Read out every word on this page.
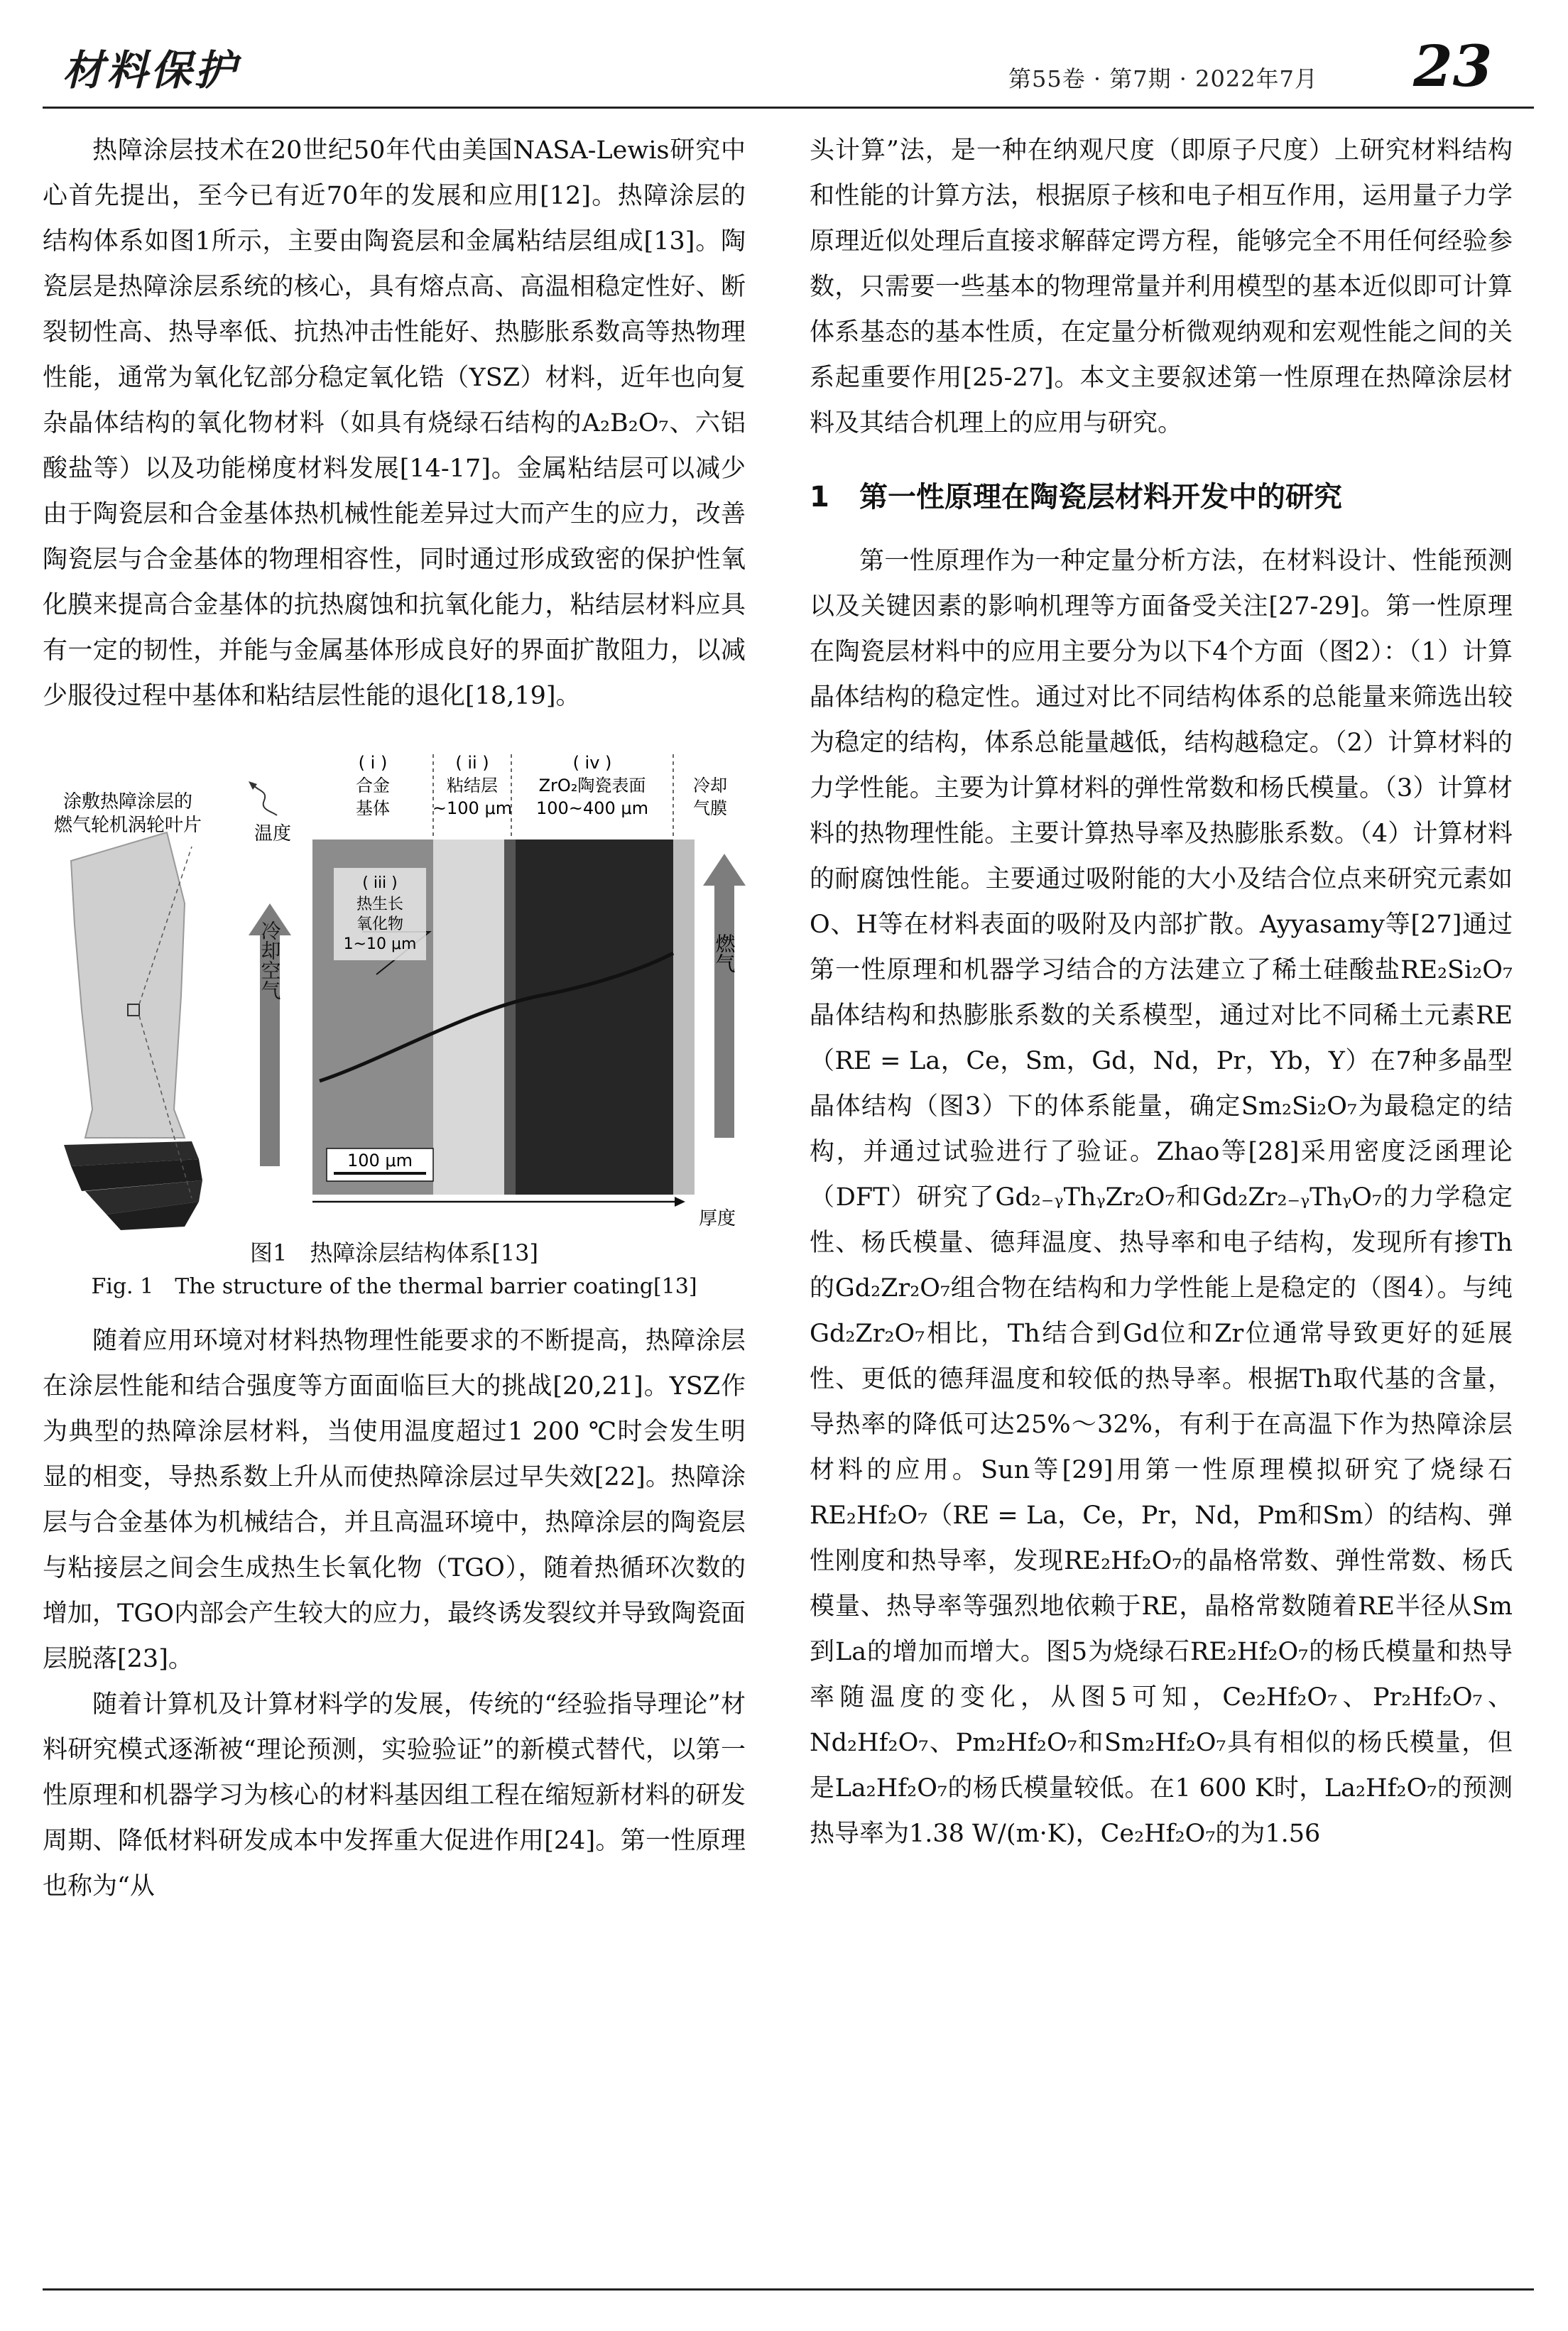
材料保护	第55卷 · 第7期 · 2022年7月 23

热障涂层技术在20世纪50年代由美国NASA-Lewis研究中心首先提出，至今已有近70年的发展和应用[12]。热障涂层的结构体系如图1所示，主要由陶瓷层和金属粘结层组成[13]。陶瓷层是热障涂层系统的核心，具有熔点高、高温相稳定性好、断裂韧性高、热导率低、抗热冲击性能好、热膨胀系数高等热物理性能，通常为氧化钇部分稳定氧化锆（YSZ）材料，近年也向复杂晶体结构的氧化物材料（如具有烧绿石结构的A₂B₂O₇、六铝酸盐等）以及功能梯度材料发展[14-17]。金属粘结层可以减少由于陶瓷层和合金基体热机械性能差异过大而产生的应力，改善陶瓷层与合金基体的物理相容性，同时通过形成致密的保护性氧化膜来提高合金基体的抗热腐蚀和抗氧化能力，粘结层材料应具有一定的韧性，并能与金属基体形成良好的界面扩散阻力，以减少服役过程中基体和粘结层性能的退化[18,19]。

涂敷热障涂层的
燃气轮机涡轮叶片	温度
冷却空气
( i )
合金
基体
( ii )
粘结层
~100 μm
( iv )
ZrO₂陶瓷表面
100~400 μm
冷却
气膜
( iii )
热生长
氧化物
1~10 μm	燃气
100 μm
厚度
图1　热障涂层结构体系[13]
Fig. 1　The structure of the thermal barrier coating[13]

随着应用环境对材料热物理性能要求的不断提高，热障涂层在涂层性能和结合强度等方面面临巨大的挑战[20,21]。YSZ作为典型的热障涂层材料，当使用温度超过1 200 ℃时会发生明显的相变，导热系数上升从而使热障涂层过早失效[22]。热障涂层与合金基体为机械结合，并且高温环境中，热障涂层的陶瓷层与粘接层之间会生成热生长氧化物（TGO），随着热循环次数的增加，TGO内部会产生较大的应力，最终诱发裂纹并导致陶瓷面层脱落[23]。

随着计算机及计算材料学的发展，传统的“经验指导理论”材料研究模式逐渐被“理论预测，实验验证”的新模式替代，以第一性原理和机器学习为核心的材料基因组工程在缩短新材料的研发周期、降低材料研发成本中发挥重大促进作用[24]。第一性原理也称为“从

头计算”法，是一种在纳观尺度（即原子尺度）上研究材料结构和性能的计算方法，根据原子核和电子相互作用，运用量子力学原理近似处理后直接求解薛定谔方程，能够完全不用任何经验参数，只需要一些基本的物理常量并利用模型的基本近似即可计算体系基态的基本性质，在定量分析微观纳观和宏观性能之间的关系起重要作用[25-27]。本文主要叙述第一性原理在热障涂层材料及其结合机理上的应用与研究。

1 第一性原理在陶瓷层材料开发中的研究

第一性原理作为一种定量分析方法，在材料设计、性能预测以及关键因素的影响机理等方面备受关注[27-29]。第一性原理在陶瓷层材料中的应用主要分为以下4个方面（图2）：（1）计算晶体结构的稳定性。通过对比不同结构体系的总能量来筛选出较为稳定的结构，体系总能量越低，结构越稳定。（2）计算材料的力学性能。主要为计算材料的弹性常数和杨氏模量。（3）计算材料的热物理性能。主要计算热导率及热膨胀系数。（4）计算材料的耐腐蚀性能。主要通过吸附能的大小及结合位点来研究元素如O、H等在材料表面的吸附及内部扩散。Ayyasamy等[27]通过第一性原理和机器学习结合的方法建立了稀土硅酸盐RE₂Si₂O₇晶体结构和热膨胀系数的关系模型，通过对比不同稀土元素RE（RE = La，Ce，Sm，Gd，Nd，Pr，Yb，Y）在7种多晶型晶体结构（图3）下的体系能量，确定Sm₂Si₂O₇为最稳定的结构，并通过试验进行了验证。Zhao等[28]采用密度泛函理论（DFT）研究了Gd₂₋ᵧThᵧZr₂O₇和Gd₂Zr₂₋ᵧThᵧO₇的力学稳定性、杨氏模量、德拜温度、热导率和电子结构，发现所有掺Th的Gd₂Zr₂O₇组合物在结构和力学性能上是稳定的（图4）。与纯Gd₂Zr₂O₇相比，Th结合到Gd位和Zr位通常导致更好的延展性、更低的德拜温度和较低的热导率。根据Th取代基的含量，导热率的降低可达25%～32%，有利于在高温下作为热障涂层材料的应用。Sun等[29]用第一性原理模拟研究了烧绿石RE₂Hf₂O₇（RE = La，Ce，Pr，Nd，Pm和Sm）的结构、弹性刚度和热导率，发现RE₂Hf₂O₇的晶格常数、弹性常数、杨氏模量、热导率等强烈地依赖于RE，晶格常数随着RE半径从Sm到La的增加而增大。图5为烧绿石RE₂Hf₂O₇的杨氏模量和热导率随温度的变化，从图5可知，Ce₂Hf₂O₇、Pr₂Hf₂O₇、Nd₂Hf₂O₇、Pm₂Hf₂O₇和Sm₂Hf₂O₇具有相似的杨氏模量，但是La₂Hf₂O₇的杨氏模量较低。在1 600 K时，La₂Hf₂O₇的预测热导率为1.38 W/(m·K)，Ce₂Hf₂O₇的为1.56
